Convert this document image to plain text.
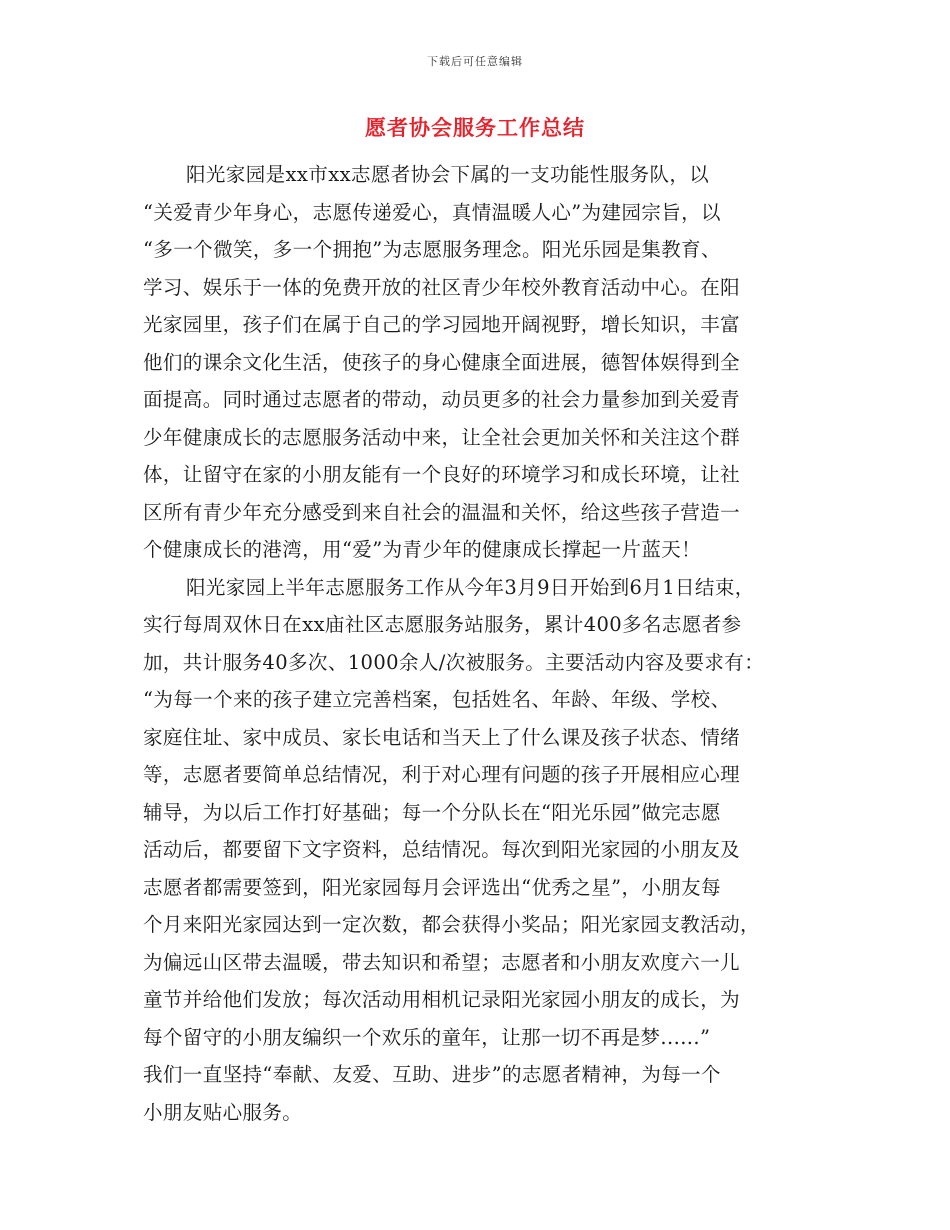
下载后可任意编辑
愿者协会服务工作总结
阳光家园是xx市xx志愿者协会下属的一支功能性服务队，以
“关爱青少年身心，志愿传递爱心，真情温暖人心”为建园宗旨，以
“多一个微笑，多一个拥抱”为志愿服务理念。阳光乐园是集教育、
学习、娱乐于一体的免费开放的社区青少年校外教育活动中心。在阳
光家园里，孩子们在属于自己的学习园地开阔视野，增长知识，丰富
他们的课余文化生活，使孩子的身心健康全面进展，德智体娱得到全
面提高。同时通过志愿者的带动，动员更多的社会力量参加到关爱青
少年健康成长的志愿服务活动中来，让全社会更加关怀和关注这个群
体，让留守在家的小朋友能有一个良好的环境学习和成长环境，让社
区所有青少年充分感受到来自社会的温温和关怀，给这些孩子营造一
个健康成长的港湾，用“爱”为青少年的健康成长撑起一片蓝天！
阳光家园上半年志愿服务工作从今年3月9日开始到6月1日结束，
实行每周双休日在xx庙社区志愿服务站服务，累计400多名志愿者参
加，共计服务40多次、1000余人/次被服务。主要活动内容及要求有：
“为每一个来的孩子建立完善档案，包括姓名、年龄、年级、学校、
家庭住址、家中成员、家长电话和当天上了什么课及孩子状态、情绪
等，志愿者要简单总结情况，利于对心理有问题的孩子开展相应心理
辅导，为以后工作打好基础；每一个分队长在“阳光乐园”做完志愿
活动后，都要留下文字资料，总结情况。每次到阳光家园的小朋友及
志愿者都需要签到，阳光家园每月会评选出“优秀之星”，小朋友每
个月来阳光家园达到一定次数，都会获得小奖品；阳光家园支教活动，
为偏远山区带去温暖，带去知识和希望；志愿者和小朋友欢度六一儿
童节并给他们发放；每次活动用相机记录阳光家园小朋友的成长，为
每个留守的小朋友编织一个欢乐的童年，让那一切不再是梦......”
我们一直坚持“奉献、友爱、互助、进步”的志愿者精神，为每一个
小朋友贴心服务。
